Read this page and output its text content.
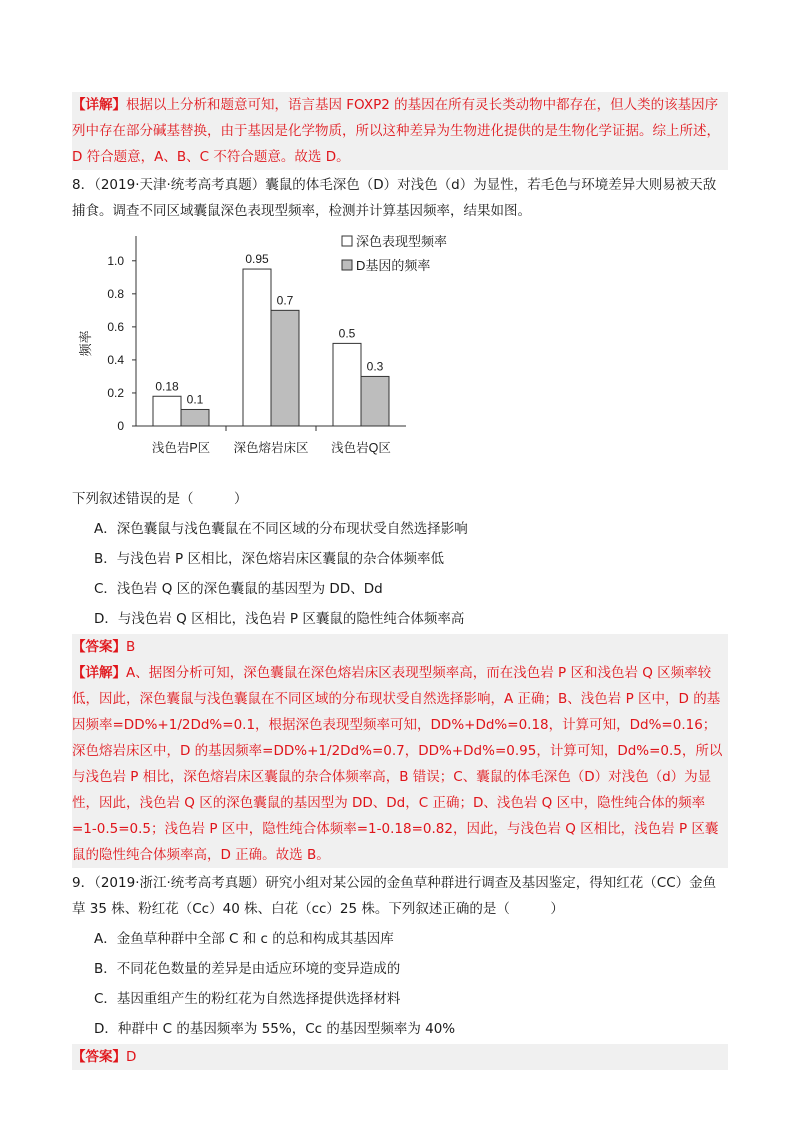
【详解】根据以上分析和题意可知，语言基因 FOXP2 的基因在所有灵长类动物中都存在，但人类的该基因序列中存在部分碱基替换，由于基因是化学物质，所以这种差异为生物进化提供的是生物化学证据。综上所述，D 符合题意，A、B、C 不符合题意。故选 D。

8．（2019·天津·统考高考真题）囊鼠的体毛深色（D）对浅色（d）为显性，若毛色与环境差异大则易被天敌捕食。调查不同区域囊鼠深色表现型频率，检测并计算基因频率，结果如图。

0
0.2
0.4
0.6
0.8
1.0
频率
0.18
0.1
浅色岩P区
0.95
0.7
深色熔岩床区
0.5
0.3
浅色岩Q区
深色表现型频率
D基因的频率

下列叙述错误的是（　　　）

A．深色囊鼠与浅色囊鼠在不同区域的分布现状受自然选择影响

B．与浅色岩 P 区相比，深色熔岩床区囊鼠的杂合体频率低

C．浅色岩 Q 区的深色囊鼠的基因型为 DD、Dd

D．与浅色岩 Q 区相比，浅色岩 P 区囊鼠的隐性纯合体频率高

【答案】B

【详解】A、据图分析可知，深色囊鼠在深色熔岩床区表现型频率高，而在浅色岩 P 区和浅色岩 Q 区频率较低，因此，深色囊鼠与浅色囊鼠在不同区域的分布现状受自然选择影响，A 正确；B、浅色岩 P 区中，D 的基因频率=DD%+1/2Dd%=0.1，根据深色表现型频率可知，DD%+Dd%=0.18，计算可知，Dd%=0.16；深色熔岩床区中，D 的基因频率=DD%+1/2Dd%=0.7，DD%+Dd%=0.95，计算可知，Dd%=0.5，所以与浅色岩 P 相比，深色熔岩床区囊鼠的杂合体频率高，B 错误；C、囊鼠的体毛深色（D）对浅色（d）为显性，因此，浅色岩 Q 区的深色囊鼠的基因型为 DD、Dd，C 正确；D、浅色岩 Q 区中，隐性纯合体的频率=1-0.5=0.5；浅色岩 P 区中，隐性纯合体频率=1-0.18=0.82，因此，与浅色岩 Q 区相比，浅色岩 P 区囊鼠的隐性纯合体频率高，D 正确。故选 B。

9．（2019·浙江·统考高考真题）研究小组对某公园的金鱼草种群进行调查及基因鉴定，得知红花（CC）金鱼草 35 株、粉红花（Cc）40 株、白花（cc）25 株。下列叙述正确的是（　　　）

A．金鱼草种群中全部 C 和 c 的总和构成其基因库

B．不同花色数量的差异是由适应环境的变异造成的

C．基因重组产生的粉红花为自然选择提供选择材料

D．种群中 C 的基因频率为 55%，Cc 的基因型频率为 40%

【答案】D
